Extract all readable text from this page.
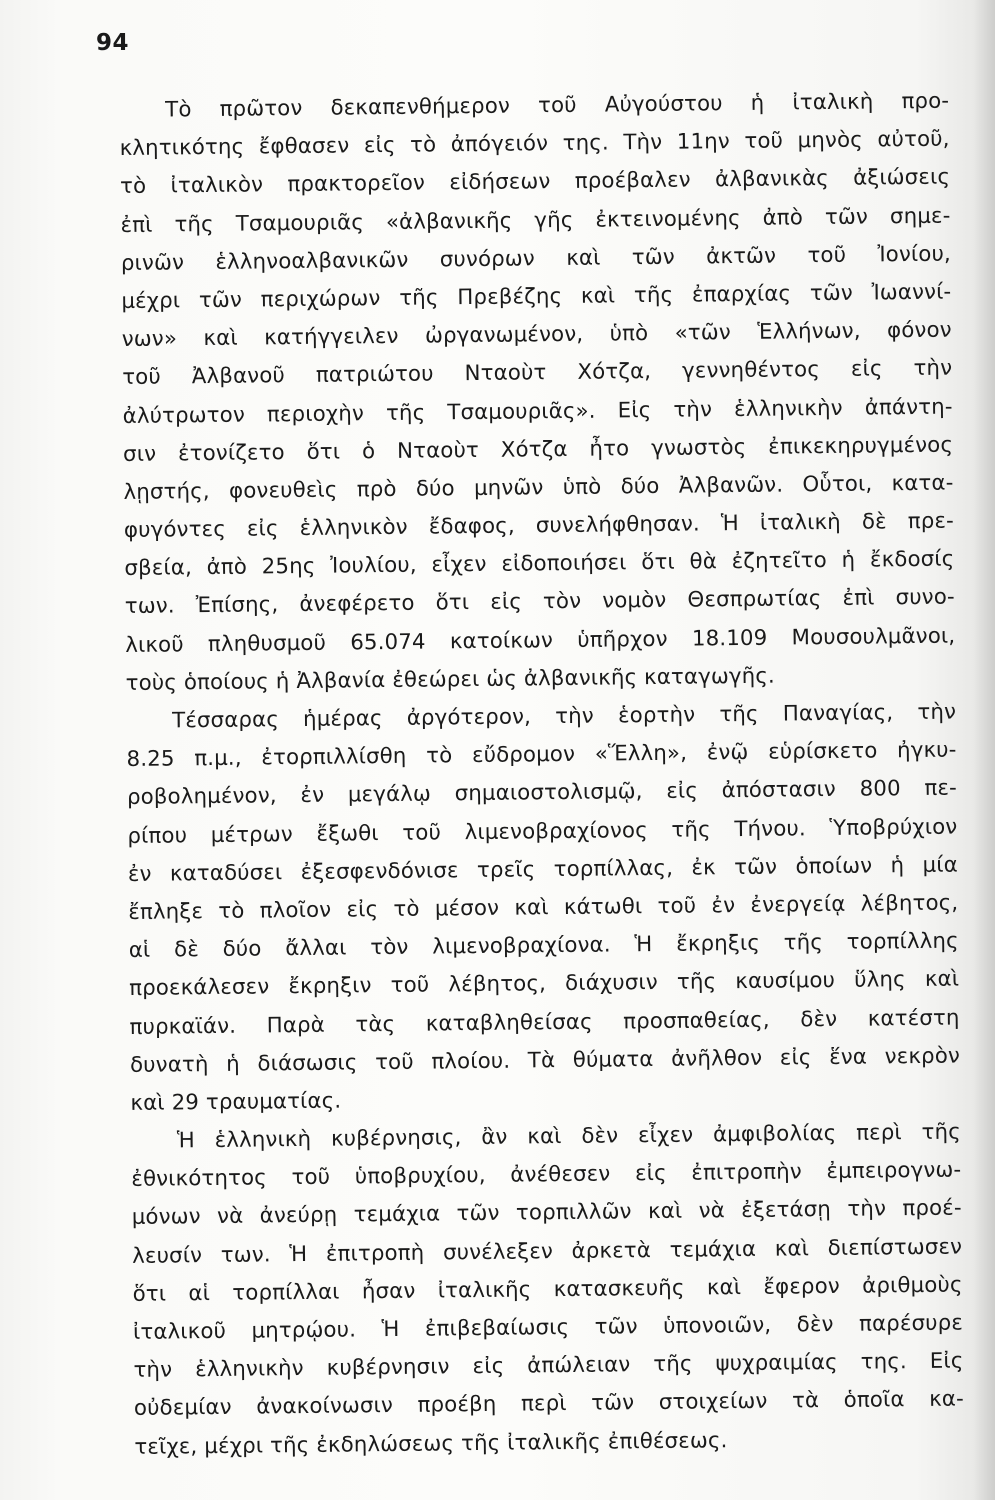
94

Τὸ πρῶτον δεκαπενθήμερον τοῦ Αὐγούστου ἡ ἰταλικὴ προ-
κλητικότης ἔφθασεν εἰς τὸ ἀπόγειόν της. Τὴν 11ην τοῦ μηνὸς αὐτοῦ,
τὸ ἰταλικὸν πρακτορεῖον εἰδήσεων προέβαλεν ἀλβανικὰς ἀξιώσεις
ἐπὶ τῆς Τσαμουριᾶς «ἀλβανικῆς γῆς ἐκτεινομένης ἀπὸ τῶν σημε-
ρινῶν ἑλληνοαλβανικῶν συνόρων καὶ τῶν ἀκτῶν τοῦ Ἰονίου,
μέχρι τῶν περιχώρων τῆς Πρεβέζης καὶ τῆς ἐπαρχίας τῶν Ἰωαννί-
νων» καὶ κατήγγειλεν ὠργανωμένον, ὑπὸ «τῶν Ἑλλήνων, φόνον
τοῦ Ἀλβανοῦ πατριώτου Νταοὺτ Χότζα, γεννηθέντος εἰς τὴν
ἀλύτρωτον περιοχὴν τῆς Τσαμουριᾶς». Εἰς τὴν ἑλληνικὴν ἀπάντη-
σιν ἐτονίζετο ὅτι ὁ Νταοὺτ Χότζα ἦτο γνωστὸς ἐπικεκηρυγμένος
λῃστής, φονευθεὶς πρὸ δύο μηνῶν ὑπὸ δύο Ἀλβανῶν. Οὗτοι, κατα-
φυγόντες εἰς ἑλληνικὸν ἔδαφος, συνελήφθησαν. Ἡ ἰταλικὴ δὲ πρε-
σβεία, ἀπὸ 25ης Ἰουλίου, εἶχεν εἰδοποιήσει ὅτι θὰ ἐζητεῖτο ἡ ἔκδοσίς
των. Ἐπίσης, ἀνεφέρετο ὅτι εἰς τὸν νομὸν Θεσπρωτίας ἐπὶ συνο-
λικοῦ πληθυσμοῦ 65.074 κατοίκων ὑπῆρχον 18.109 Μουσουλμᾶνοι,
τοὺς ὁποίους ἡ Ἀλβανία ἐθεώρει ὡς ἀλβανικῆς καταγωγῆς.

Τέσσαρας ἡμέρας ἀργότερον, τὴν ἑορτὴν τῆς Παναγίας, τὴν
8.25 π.μ., ἐτορπιλλίσθη τὸ εὔδρομον «Ἕλλη», ἐνῷ εὑρίσκετο ἠγκυ-
ροβολημένον, ἐν μεγάλῳ σημαιοστολισμῷ, εἰς ἀπόστασιν 800 πε-
ρίπου μέτρων ἔξωθι τοῦ λιμενοβραχίονος τῆς Τήνου. Ὑποβρύχιον
ἐν καταδύσει ἐξεσφενδόνισε τρεῖς τορπίλλας, ἐκ τῶν ὁποίων ἡ μία
ἔπληξε τὸ πλοῖον εἰς τὸ μέσον καὶ κάτωθι τοῦ ἐν ἐνεργείᾳ λέβητος,
αἱ δὲ δύο ἄλλαι τὸν λιμενοβραχίονα. Ἡ ἔκρηξις τῆς τορπίλλης
προεκάλεσεν ἔκρηξιν τοῦ λέβητος, διάχυσιν τῆς καυσίμου ὕλης καὶ
πυρκαϊάν. Παρὰ τὰς καταβληθείσας προσπαθείας, δὲν κατέστη
δυνατὴ ἡ διάσωσις τοῦ πλοίου. Τὰ θύματα ἀνῆλθον εἰς ἕνα νεκρὸν
καὶ 29 τραυματίας.

Ἡ ἑλληνικὴ κυβέρνησις, ἂν καὶ δὲν εἶχεν ἀμφιβολίας περὶ τῆς
ἐθνικότητος τοῦ ὑποβρυχίου, ἀνέθεσεν εἰς ἐπιτροπὴν ἐμπειρογνω-
μόνων νὰ ἀνεύρῃ τεμάχια τῶν τορπιλλῶν καὶ νὰ ἐξετάσῃ τὴν προέ-
λευσίν των. Ἡ ἐπιτροπὴ συνέλεξεν ἀρκετὰ τεμάχια καὶ διεπίστωσεν
ὅτι αἱ τορπίλλαι ἦσαν ἰταλικῆς κατασκευῆς καὶ ἔφερον ἀριθμοὺς
ἰταλικοῦ μητρῴου. Ἡ ἐπιβεβαίωσις τῶν ὑπονοιῶν, δὲν παρέσυρε
τὴν ἑλληνικὴν κυβέρνησιν εἰς ἀπώλειαν τῆς ψυχραιμίας της. Εἰς
οὐδεμίαν ἀνακοίνωσιν προέβη περὶ τῶν στοιχείων τὰ ὁποῖα κα-
τεῖχε, μέχρι τῆς ἐκδηλώσεως τῆς ἰταλικῆς ἐπιθέσεως.
